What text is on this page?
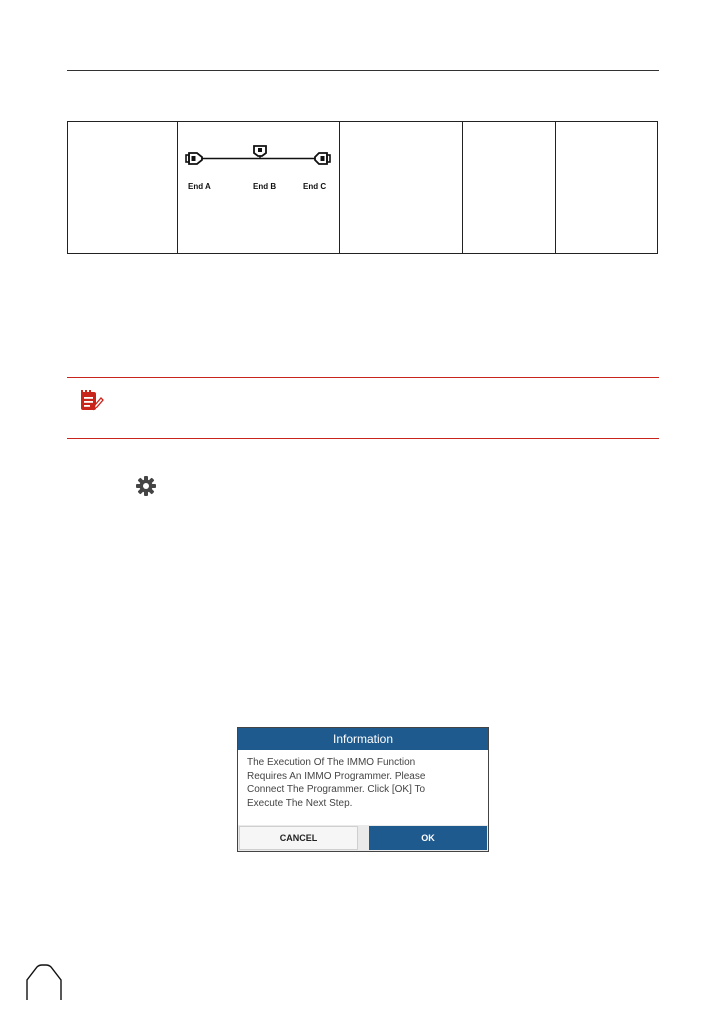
End A	End B	End C
Information
The Execution Of The IMMO Function
Requires An IMMO Programmer. Please
Connect The Programmer. Click [OK] To
Execute The Next Step.
CANCEL	OK
